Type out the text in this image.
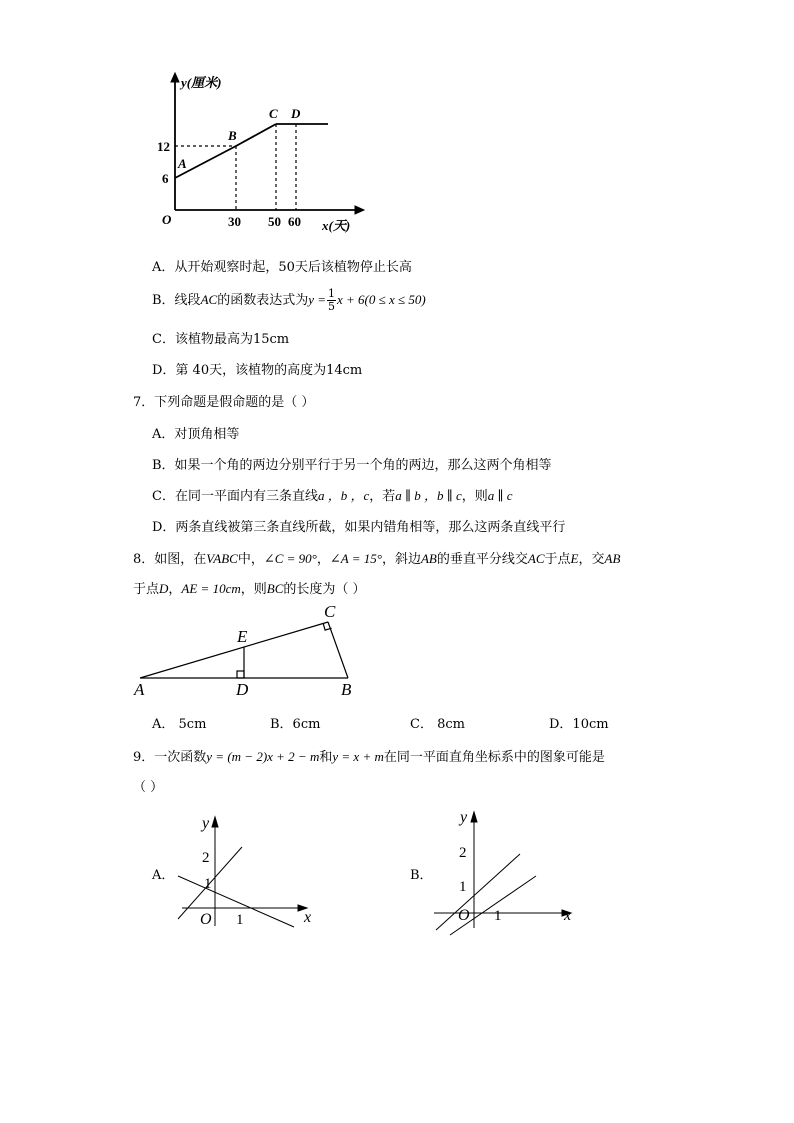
y(厘米)
x(天)
O
A
B
C D
12
6
30 50 60
A．从开始观察时起，50天后该植物停止长高
B．线段AC的函数表达式为$y = \frac{1}{5}$ x + 6(0 ≤ x ≤ 50)
C．该植物最高为15cm
D．第 40天，该植物的高度为14cm
7．下列命题是假命题的是（ ）
A．对顶角相等
B．如果一个角的两边分别平行于另一个角的两边，那么这两个角相等
C．在同一平面内有三条直线a ，b ，c，若a ∥ b ，b ∥ c，则a ∥ c
D．两条直线被第三条直线所截，如果内错角相等，那么这两条直线平行
8．如图，在VABC中，∠C = 90°，∠A = 15°，斜边AB的垂直平分线交AC于点E，交AB
于点D，AE = 10cm，则BC的长度为（ ）
A	D	B
E
C
A． 5cm	B．6cm	C． 8cm	D．10cm
9．一次函数y = (m − 2)x + 2 − m和y = x + m在同一平面直角坐标系中的图象可能是
（ ）
A．
y
x
O
2
1
1
B．
y
x
O
2
1
1
